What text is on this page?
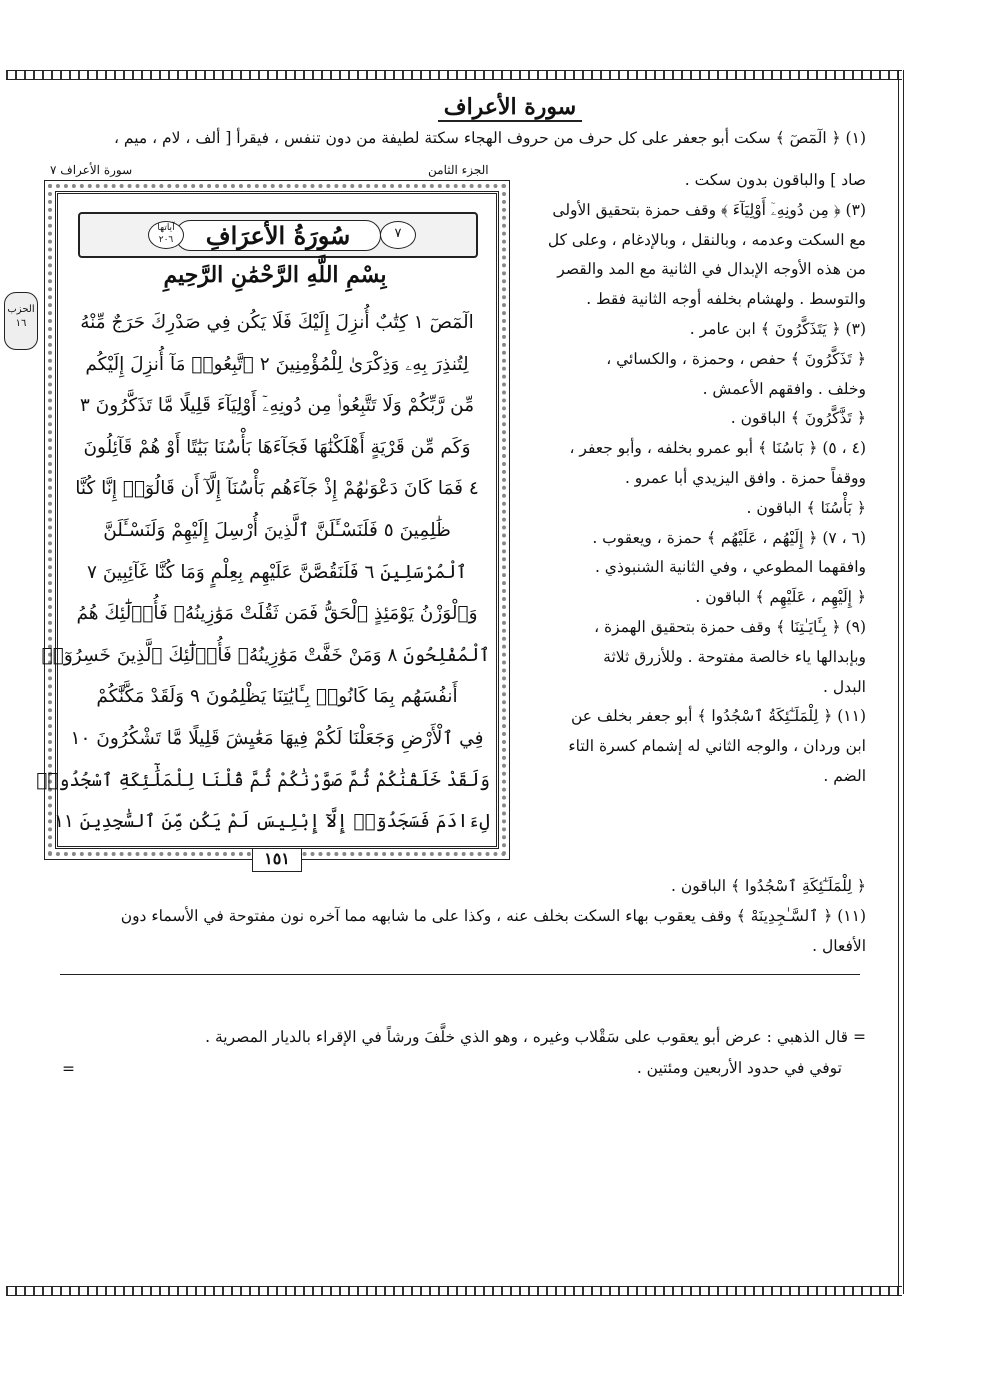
سورة الأعراف

(١) ﴿ الٓمٓصٓ ﴾ سكت أبو جعفر على كل حرف من حروف الهجاء سكتة لطيفة من دون تنفس ، فيقرأ [ ألف ، لام ، ميم ،

الجزء الثامن
سورة الأعراف ٧
سُورَةُ الأعرَافِ	٧
آياتها ٢٠٦
بِسْمِ اللَّهِ الرَّحْمَٰنِ الرَّحِيمِ
الٓمٓصٓ ١ كِتَٰبٌ أُنزِلَ إِلَيْكَ فَلَا يَكُن فِي صَدْرِكَ حَرَجٌ مِّنْهُ
لِتُنذِرَ بِهِۦ وَذِكْرَىٰ لِلْمُؤْمِنِينَ ٢ ٱتَّبِعُوا۟ مَآ أُنزِلَ إِلَيْكُم
مِّن رَّبِّكُمْ وَلَا تَتَّبِعُوا۟ مِن دُونِهِۦٓ أَوْلِيَآءَ قَلِيلًا مَّا تَذَكَّرُونَ ٣
وَكَم مِّن قَرْيَةٍ أَهْلَكْنَٰهَا فَجَآءَهَا بَأْسُنَا بَيَٰتًا أَوْ هُمْ قَآئِلُونَ
٤ فَمَا كَانَ دَعْوَىٰهُمْ إِذْ جَآءَهُم بَأْسُنَآ إِلَّآ أَن قَالُوٓا۟ إِنَّا كُنَّا
ظَٰلِمِينَ ٥ فَلَنَسْـَٔلَنَّ ٱلَّذِينَ أُرْسِلَ إِلَيْهِمْ وَلَنَسْـَٔلَنَّ
ٱلْمُرْسَلِينَ ٦ فَلَنَقُصَّنَّ عَلَيْهِم بِعِلْمٍ وَمَا كُنَّا غَآئِبِينَ ٧
وَٱلْوَزْنُ يَوْمَئِذٍ ٱلْحَقُّ فَمَن ثَقُلَتْ مَوَٰزِينُهُۥ فَأُو۟لَٰٓئِكَ هُمُ
ٱلْمُفْلِحُونَ ٨ وَمَنْ خَفَّتْ مَوَٰزِينُهُۥ فَأُو۟لَٰٓئِكَ ٱلَّذِينَ خَسِرُوٓا۟
أَنفُسَهُم بِمَا كَانُوا۟ بِـَٔايَٰتِنَا يَظْلِمُونَ ٩ وَلَقَدْ مَكَّنَّٰكُمْ
فِي ٱلْأَرْضِ وَجَعَلْنَا لَكُمْ فِيهَا مَعَٰيِشَ قَلِيلًا مَّا تَشْكُرُونَ ١٠
وَلَقَدْ خَلَقْنَٰكُمْ ثُمَّ صَوَّرْنَٰكُمْ ثُمَّ قُلْنَا لِلْمَلَٰٓئِكَةِ ٱسْجُدُوا۟
لِءَادَمَ فَسَجَدُوٓا۟ إِلَّآ إِبْلِيسَ لَمْ يَكُن مِّنَ ٱلسَّٰجِدِينَ ١١
١٥١
الحزب ١٦

صاد ] والباقون بدون سكت .

(٣) ﴿ مِن دُونِهِۦٓ أَوْلِيَآءَ ﴾ وقف حمزة بتحقيق الأولى

مع السكت وعدمه ، وبالنقل ، وبالإدغام ، وعلى كل

من هذه الأوجه الإبدال في الثانية مع المد والقصر

والتوسط . ولهشام بخلفه أوجه الثانية فقط .

(٣) ﴿ يَتَذَكَّرُونَ ﴾ ابن عامر .

﴿ تَذَكَّرُونَ ﴾ حفص ، وحمزة ، والكسائي ،

وخلف . وافقهم الأعمش .

﴿ تَذَّكَّرُونَ ﴾ الباقون .

(٤ ، ٥) ﴿ بَاسُنَا ﴾ أبو عمرو بخلفه ، وأبو جعفر ،

ووقفاً حمزة . وافق اليزيدي أبا عمرو .

﴿ بَأْسُنَا ﴾ الباقون .

(٦ ، ٧) ﴿ إِلَيْهُم ، عَلَيْهُم ﴾ حمزة ، ويعقوب .

وافقهما المطوعي ، وفي الثانية الشنبوذي .

﴿ إِلَيْهِم ، عَلَيْهِم ﴾ الباقون .

(٩) ﴿ بِـَٔايَـٰتِنَا ﴾ وقف حمزة بتحقيق الهمزة ،

وبإبدالها ياء خالصة مفتوحة . وللأزرق ثلاثة

البدل .

(١١) ﴿ لِلْمَلَـٰٓئِكَةُ ٱسْجُدُوا ﴾ أبو جعفر بخلف عن

ابن وردان ، والوجه الثاني له إشمام كسرة التاء

الضم .

﴿ لِلْمَلَـٰٓئِكَةِ ٱسْجُدُوا ﴾ الباقون .

(١١) ﴿ ٱلسَّـٰجِدِينَهْ ﴾ وقف يعقوب بهاء السكت بخلف عنه ، وكذا على ما شابهه مما آخره نون مفتوحة في الأسماء دون

الأفعال .

= قال الذهبي : عرض أبو يعقوب على سَقْلاب وغيره ، وهو الذي خلَّفَ ورشاً في الإقراء بالديار المصرية .
توفي في حدود الأربعين ومئتين .
=
